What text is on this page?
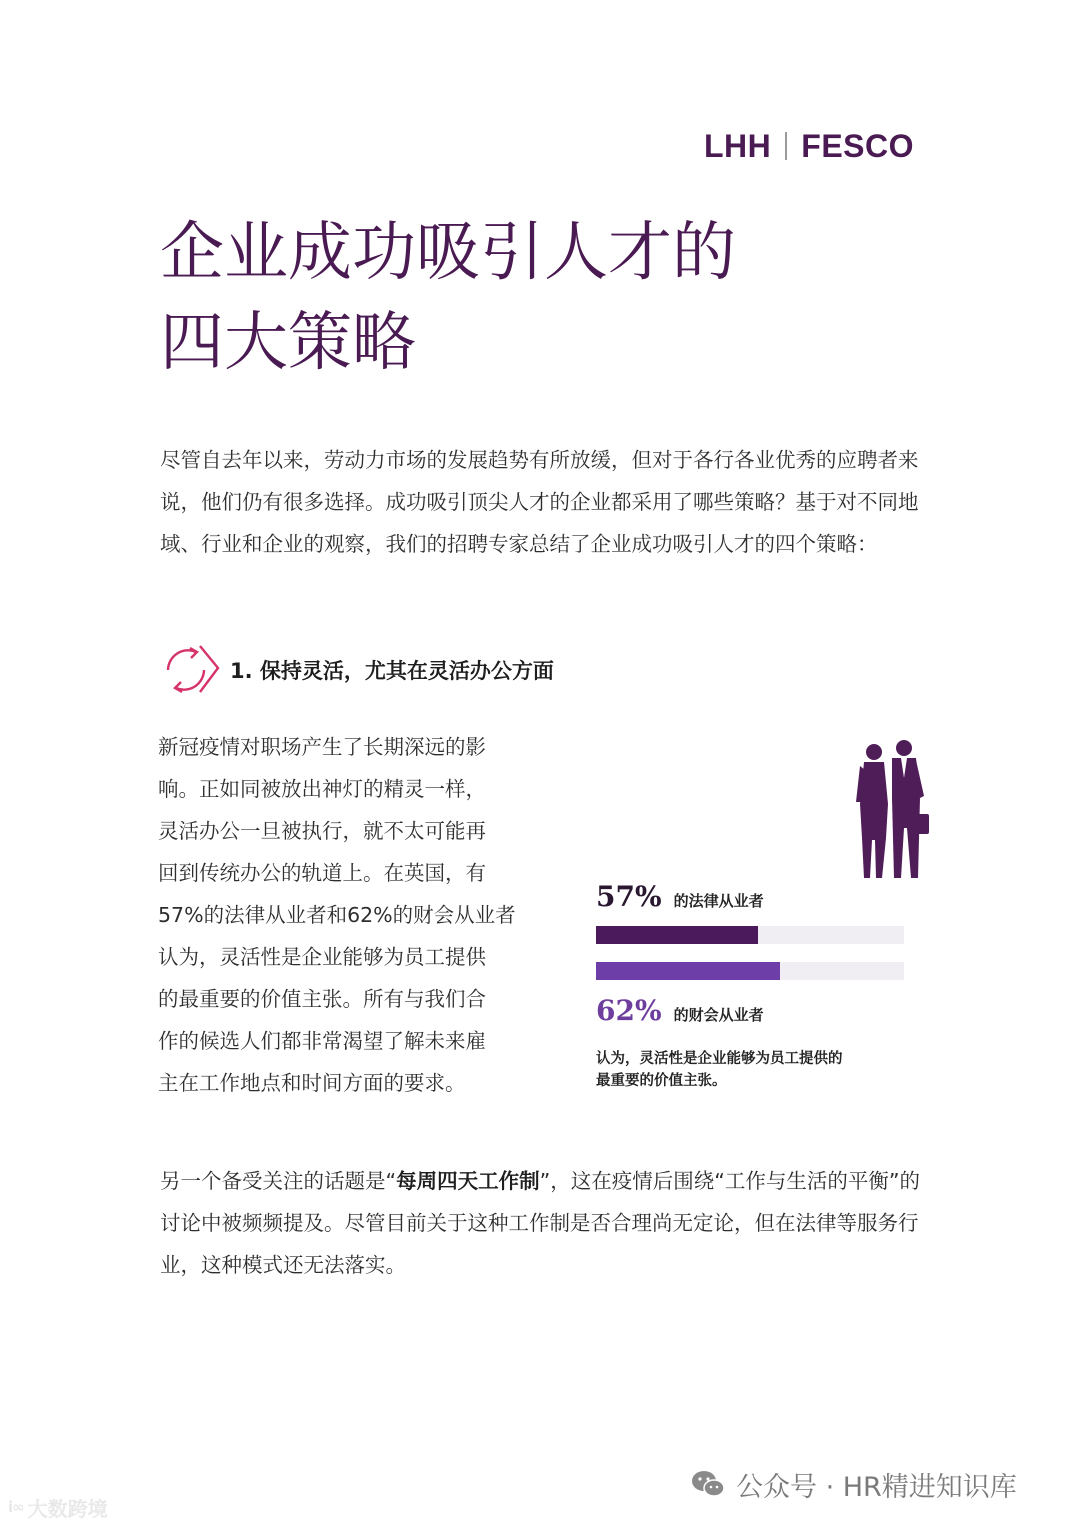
LHH FESCO
企业成功吸引人才的
四大策略
尽管自去年以来，劳动力市场的发展趋势有所放缓，但对于各行各业优秀的应聘者来说，他们仍有很多选择。成功吸引顶尖人才的企业都采用了哪些策略？基于对不同地域、行业和企业的观察，我们的招聘专家总结了企业成功吸引人才的四个策略：
1. 保持灵活，尤其在灵活办公方面
新冠疫情对职场产生了长期深远的影
响。正如同被放出神灯的精灵一样，
灵活办公一旦被执行，就不太可能再
回到传统办公的轨道上。在英国，有
57%的法律从业者和62%的财会从业者
认为，灵活性是企业能够为员工提供
的最重要的价值主张。所有与我们合
作的候选人们都非常渴望了解未来雇
主在工作地点和时间方面的要求。
57% 的法律从业者
62% 的财会从业者
认为，灵活性是企业能够为员工提供的
最重要的价值主张。
另一个备受关注的话题是“每周四天工作制”，这在疫情后围绕“工作与生活的平衡”的讨论中被频频提及。尽管目前关于这种工作制是否合理尚无定论，但在法律等服务行业，这种模式还无法落实。
公众号 · HR精进知识库
i∞ 大数跨境
